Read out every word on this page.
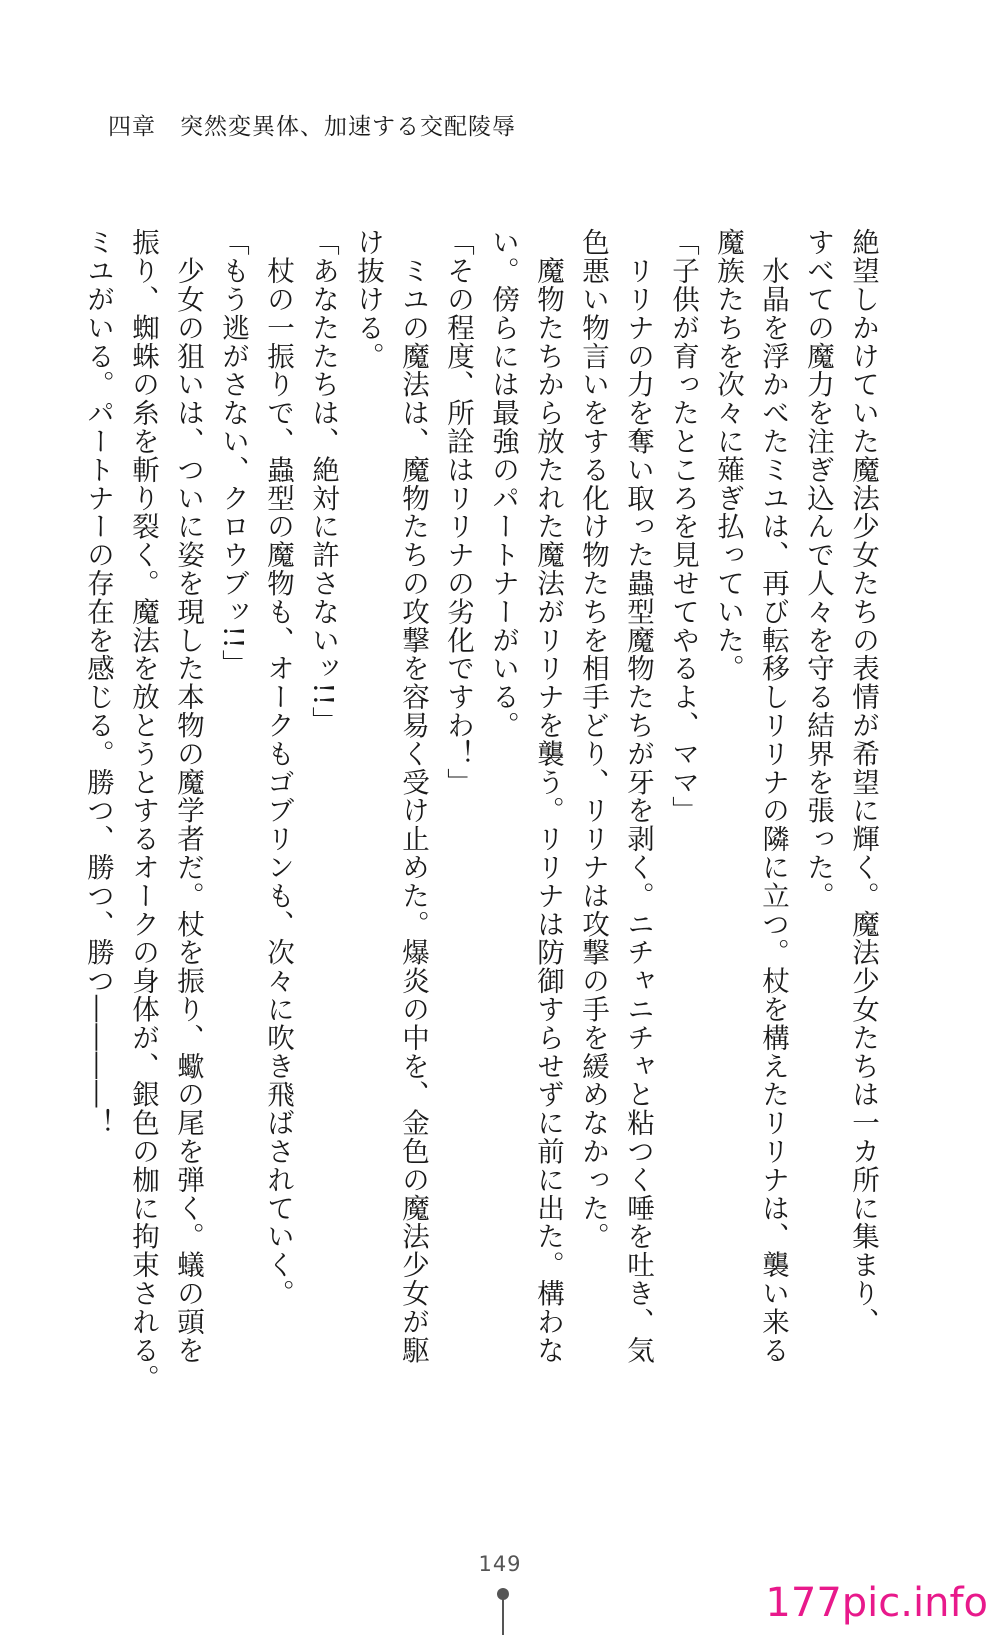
四章　突然変異体、加速する交配陵辱
絶望しかけていた魔法少女たちの表情が希望に輝く。魔法少女たちは一カ所に集まり、
すべての魔力を注ぎ込んで人々を守る結界を張った。
　水晶を浮かべたミユは、再び転移しリリナの隣に立つ。杖を構えたリリナは、襲い来る
魔族たちを次々に薙ぎ払っていた。
「子供が育ったところを見せてやるよ、ママ」
　リリナの力を奪い取った蟲型魔物たちが牙を剥く。ニチャニチャと粘つく唾を吐き、気
色悪い物言いをする化け物たちを相手どり、リリナは攻撃の手を緩めなかった。
　魔物たちから放たれた魔法がリリナを襲う。リリナは防御すらせずに前に出た。構わな
い。傍らには最強のパートナーがいる。
「その程度、所詮はリリナの劣化ですわ！」
　ミユの魔法は、魔物たちの攻撃を容易く受け止めた。爆炎の中を、金色の魔法少女が駆
け抜ける。
「あなたたちは、絶対に許さないッ!!」
　杖の一振りで、蟲型の魔物も、オークもゴブリンも、次々に吹き飛ばされていく。
「もう逃がさない、クロウブッ!!」
　少女の狙いは、ついに姿を現した本物の魔学者だ。杖を振り、蠍の尾を弾く。蟻の頭を
振り、蜘蛛の糸を斬り裂く。魔法を放とうとするオークの身体が、銀色の枷に拘束される。
ミユがいる。パートナーの存在を感じる。勝つ、勝つ、勝つ――――！
149
177pic.info
